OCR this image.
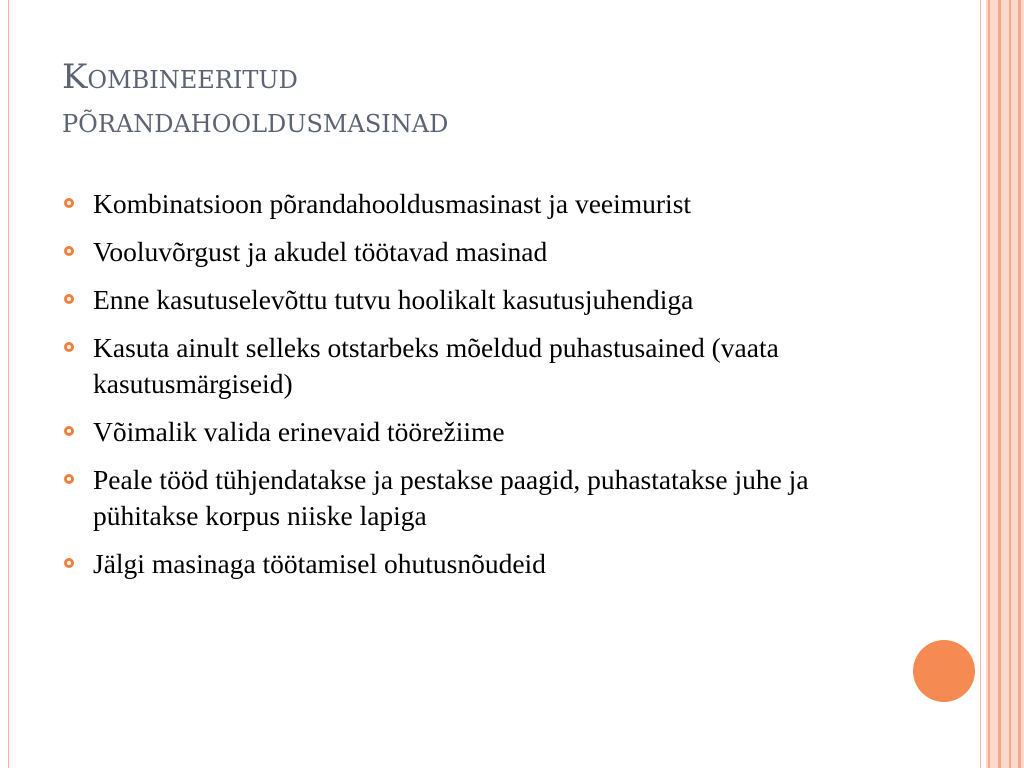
Kombineeritud
põrandahooldusmasinad
Kombinatsioon põrandahooldusmasinast ja veeimurist
Vooluvõrgust ja akudel töötavad masinad
Enne kasutuselevõttu tutvu hoolikalt kasutusjuhendiga
Kasuta ainult selleks otstarbeks mõeldud puhastusained (vaata kasutusmärgiseid)
Võimalik valida erinevaid töörežiime
Peale tööd tühjendatakse ja pestakse paagid, puhastatakse juhe ja pühitakse korpus niiske lapiga
Jälgi masinaga töötamisel ohutusnõudeid
